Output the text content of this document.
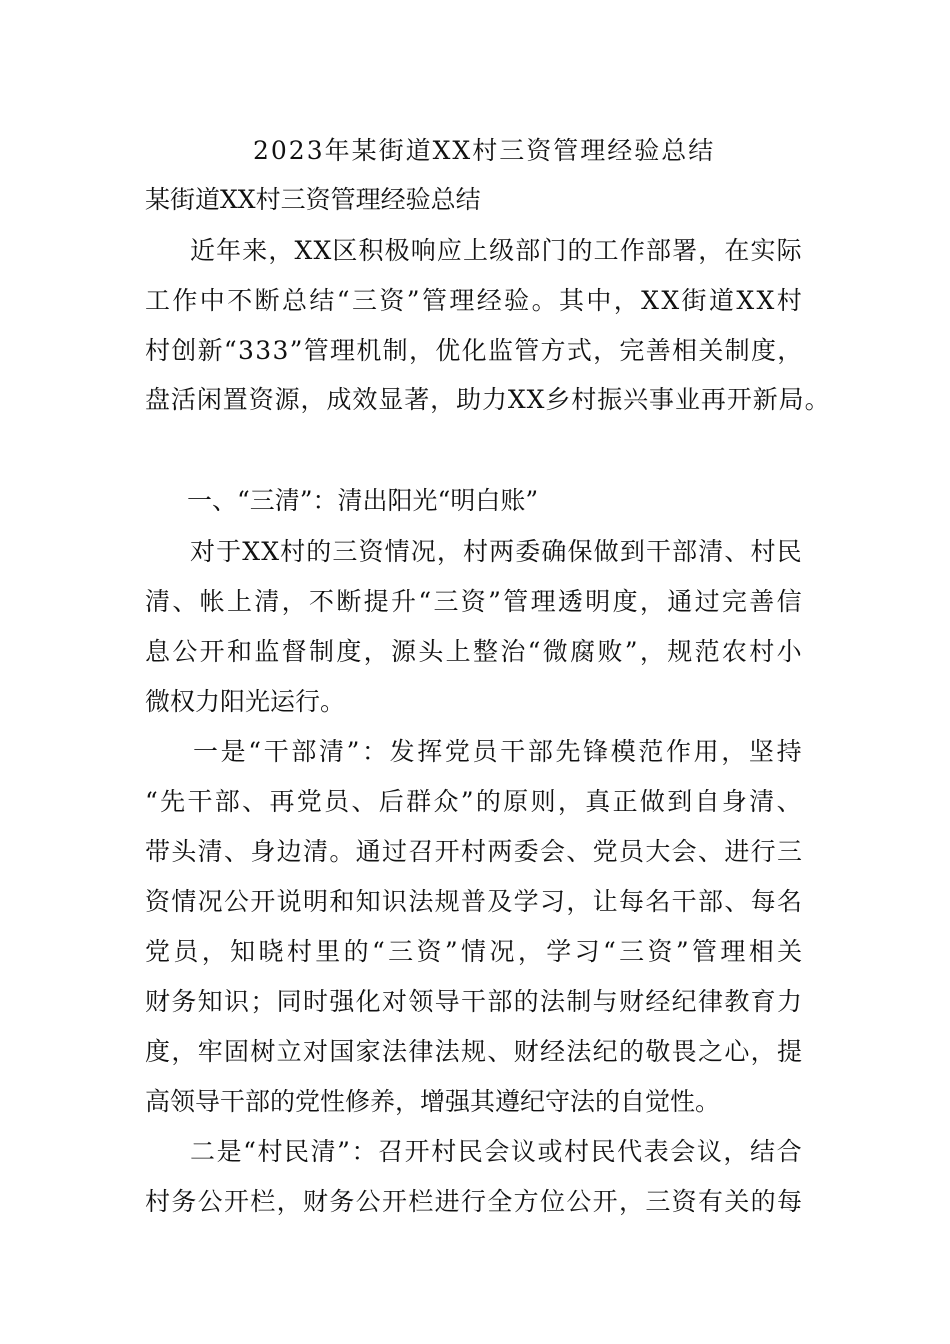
2023年某街道XX村三资管理经验总结
某街道XX村三资管理经验总结
近年来，XX区积极响应上级部门的工作部署，在实际
工作中不断总结“三资”管理经验。其中，XX街道XX村
村创新“333”管理机制，优化监管方式，完善相关制度，
盘活闲置资源，成效显著，助力XX乡村振兴事业再开新局。
一、“三清”：清出阳光“明白账”
对于XX村的三资情况，村两委确保做到干部清、村民
清、帐上清，不断提升“三资”管理透明度，通过完善信
息公开和监督制度，源头上整治“微腐败”，规范农村小
微权力阳光运行。
一是“干部清”：发挥党员干部先锋模范作用，坚持
“先干部、再党员、后群众”的原则，真正做到自身清、
带头清、身边清。通过召开村两委会、党员大会、进行三
资情况公开说明和知识法规普及学习，让每名干部、每名
党员，知晓村里的“三资”情况，学习“三资”管理相关
财务知识；同时强化对领导干部的法制与财经纪律教育力
度，牢固树立对国家法律法规、财经法纪的敬畏之心，提
高领导干部的党性修养，增强其遵纪守法的自觉性。
二是“村民清”：召开村民会议或村民代表会议，结合
村务公开栏，财务公开栏进行全方位公开，三资有关的每
